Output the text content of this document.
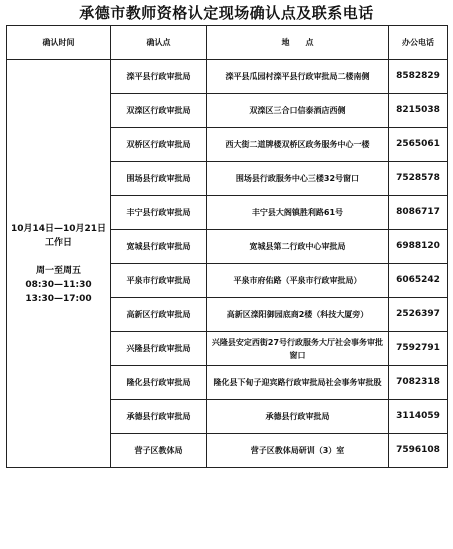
承德市教师资格认定现场确认点及联系电话
确认时间	确认点	地　　点	办公电话

10月14日—10月21日
工作日
周一至周五
08:30—11:30
13:30—17:00	滦平县行政审批局	滦平县瓜园村滦平县行政审批局二楼南侧	8582829
	双滦区行政审批局	双滦区三合口信泰酒店西侧	8215038
	双桥区行政审批局	西大街二道牌楼双桥区政务服务中心一楼	2565061
	围场县行政审批局	围场县行政服务中心三楼32号窗口	7528578
	丰宁县行政审批局	丰宁县大阁镇胜利路61号	8086717
	宽城县行政审批局	宽城县第二行政中心审批局	6988120
	平泉市行政审批局	平泉市府佑路（平泉市行政审批局）	6065242
	高新区行政审批局	高新区滦阳御园底商2楼（科技大厦旁）	2526397
	兴隆县行政审批局	兴隆县安定西街27号行政服务大厅社会事务审批窗口	7592791
	隆化县行政审批局	隆化县下甸子迎宾路行政审批局社会事务审批股	7082318
	承德县行政审批局	承德县行政审批局	3114059
	营子区教体局	营子区教体局研训（3）室	7596108
